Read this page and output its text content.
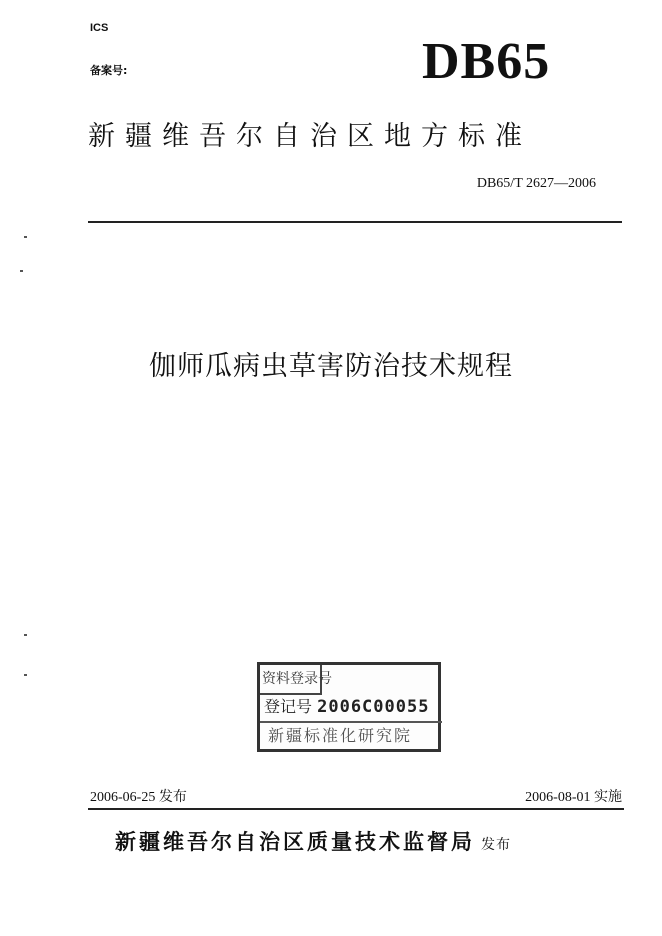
ICS
备案号:	DB65
新疆维吾尔自治区地方标准
DB65/T 2627—2006
伽师瓜病虫草害防治技术规程
资料登录号
登记号 2006C00055
新疆标准化研究院
2006-06-25 发布	2006-08-01 实施
新疆维吾尔自治区质量技术监督局 发布
